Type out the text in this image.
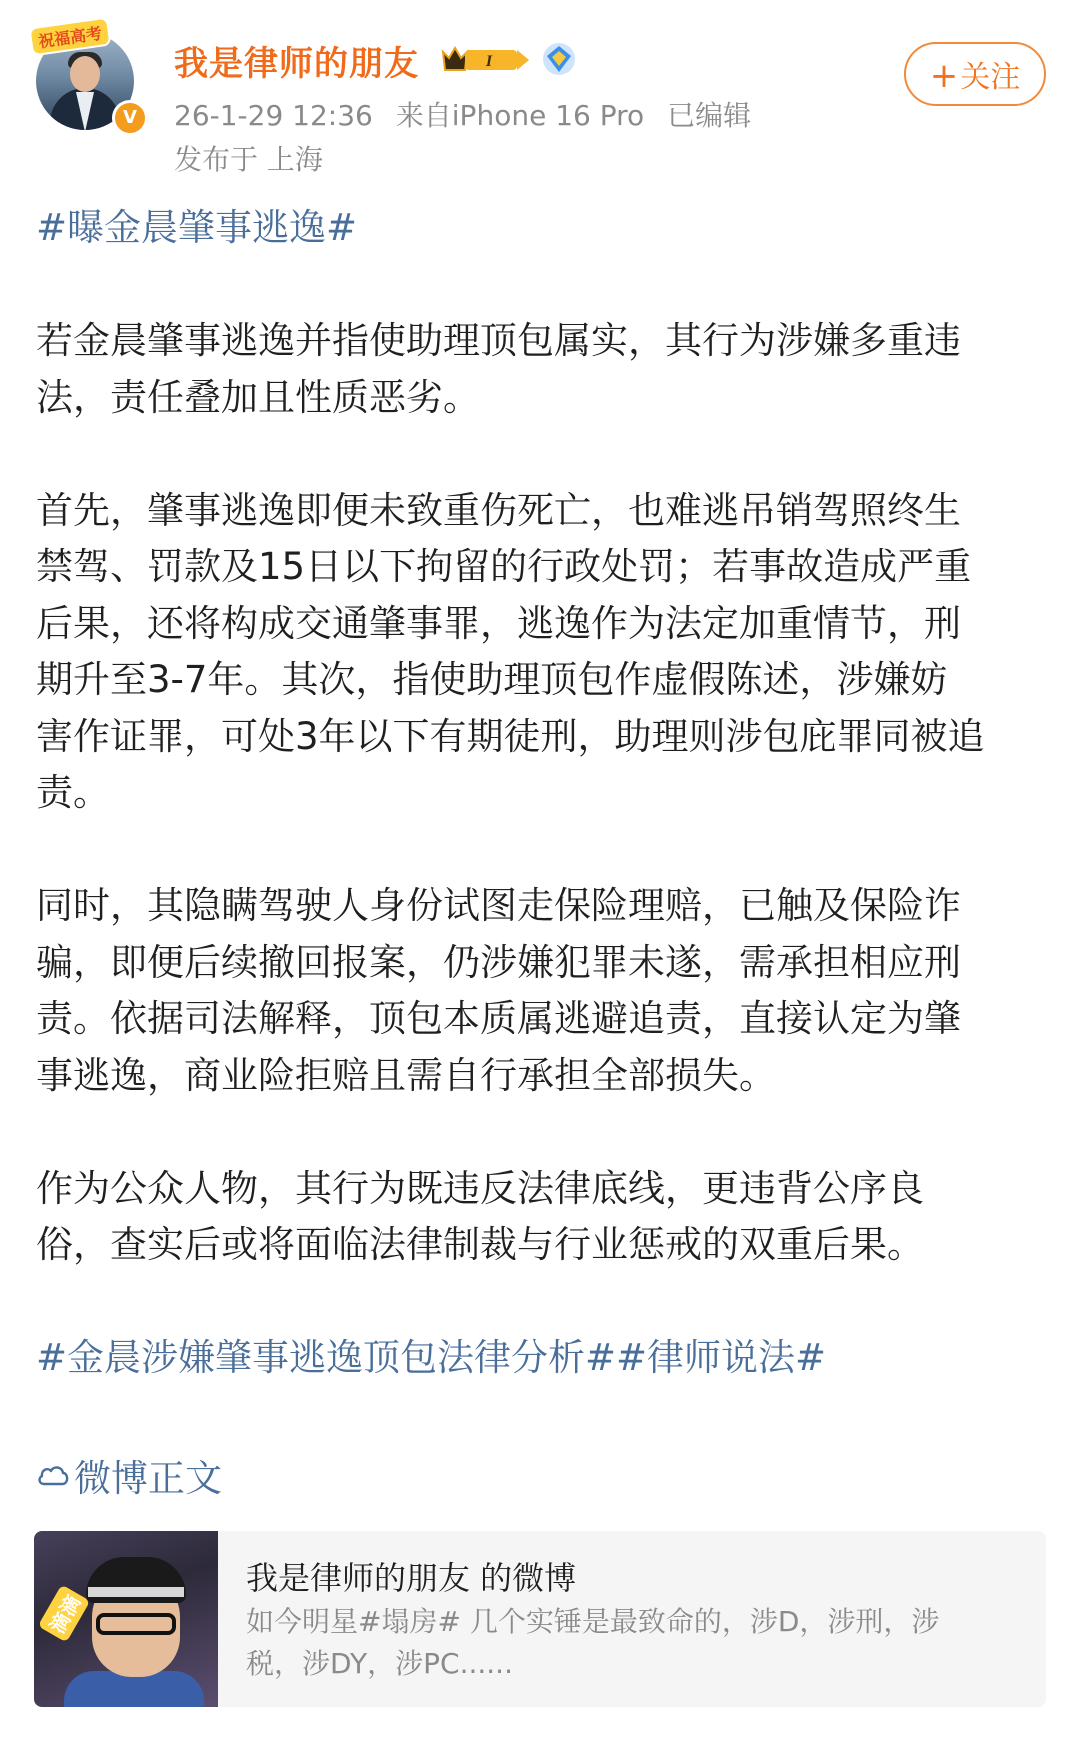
祝福高考
V
我是律师的朋友	I
26-1-29 12:36 来自iPhone 16 Pro 已编辑
发布于 上海
+关注

#曝金晨肇事逃逸#

若金晨肇事逃逸并指使助理顶包属实，其行为涉嫌多重违
法，责任叠加且性质恶劣。

首先，肇事逃逸即便未致重伤死亡，也难逃吊销驾照终生
禁驾、罚款及15日以下拘留的行政处罚；若事故造成严重
后果，还将构成交通肇事罪，逃逸作为法定加重情节，刑
期升至3-7年。其次，指使助理顶包作虚假陈述，涉嫌妨
害作证罪，可处3年以下有期徒刑，助理则涉包庇罪同被追
责。

同时，其隐瞒驾驶人身份试图走保险理赔，已触及保险诈
骗，即便后续撤回报案，仍涉嫌犯罪未遂，需承担相应刑
责。依据司法解释，顶包本质属逃避追责，直接认定为肇
事逃逸，商业险拒赔且需自行承担全部损失。

作为公众人物，其行为既违反法律底线，更违背公序良
俗，查实后或将面临法律制裁与行业惩戒的双重后果。

#金晨涉嫌肇事逃逸顶包法律分析##律师说法#

微博正文
滴滴
我是律师的朋友 的微博
如今明星#塌房# 几个实锤是最致命的，涉D，涉刑，涉
税，涉DY，涉PC......
